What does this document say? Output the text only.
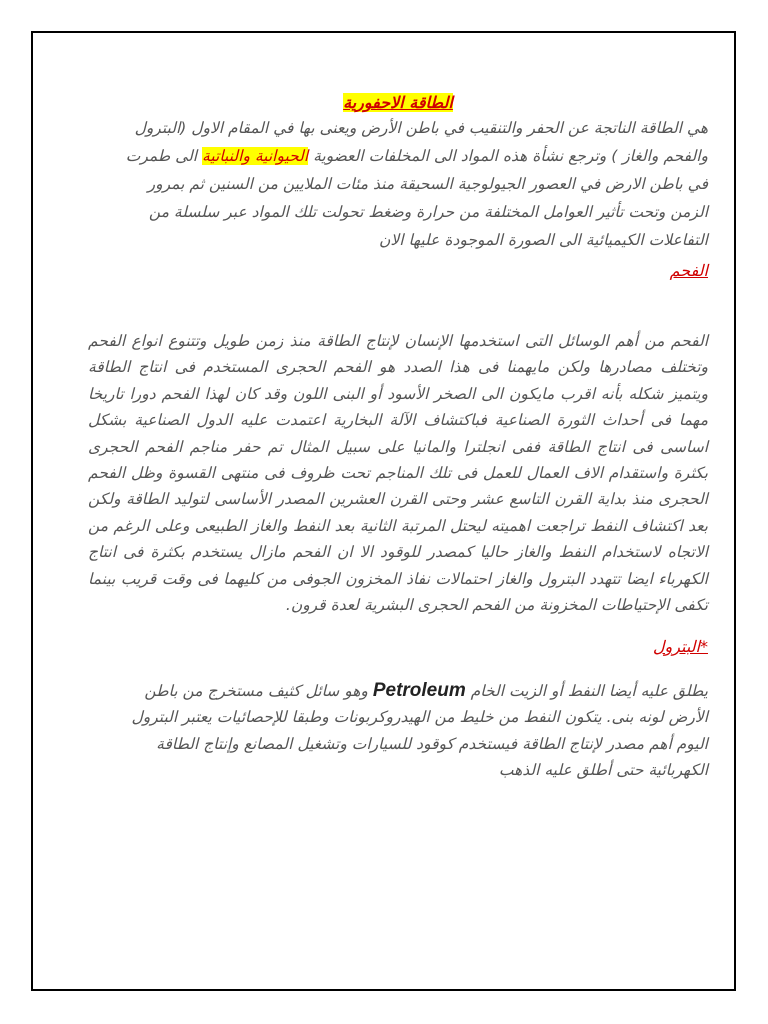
الطاقة الاحفورية

هي الطاقة الناتجة عن الحفر والتنقيب في باطن الأرض ويعنى بها في المقام الاول (البترول والفحم والغاز ) وترجع نشأة هذه المواد الى المخلفات العضوية الحيوانية والنباتية الى طمرت في باطن الارض في العصور الجيولوجية السحيقة منذ مئات الملايين من السنين ثم بمرور الزمن وتحت تأثير العوامل المختلفة من حرارة وضغط تحولت تلك المواد عبر سلسلة من التفاعلات الكيميائية الى الصورة الموجودة عليها الان

الفحم

الفحم من أهم الوسائل التى استخدمها الإنسان لإنتاج الطاقة منذ زمن طويل وتتنوع انواع الفحم وتختلف مصادرها ولكن مايهمنا فى هذا الصدد هو الفحم الحجرى المستخدم فى انتاج الطاقة ويتميز شكله بأنه اقرب مايكون الى الصخر الأسود أو البنى اللون وقد كان لهذا الفحم دورا تاريخا مهما فى أحداث الثورة الصناعية فباكتشاف الآلة البخارية اعتمدت عليه الدول الصناعية بشكل اساسى فى انتاج الطاقة ففى انجلترا والمانيا على سبيل المثال تم حفر مناجم الفحم الحجرى بكثرة واستقدام الاف العمال للعمل فى تلك المناجم تحت ظروف فى منتهى القسوة وظل الفحم الحجرى منذ بداية القرن التاسع عشر وحتى القرن العشرين المصدر الأساسى لتوليد الطاقة ولكن بعد اكتشاف النفط تراجعت اهميته ليحتل المرتبة الثانية بعد النفط والغاز الطبيعى وعلى الرغم من الاتجاه لاستخدام النفط والغاز حاليا كمصدر للوقود الا ان الفحم مازال يستخدم بكثرة فى انتاج الكهرباء ايضا تتهدد البترول والغاز احتمالات نفاذ المخزون الجوفى من كليهما فى وقت قريب بينما تكفى الإحتياطات المخزونة من الفحم الحجرى البشرية لعدة قرون.

*البترول

يطلق عليه أيضا النفط أو الزيت الخام Petroleum وهو سائل كثيف مستخرج من باطن الأرض لونه بنى. يتكون النفط من خليط من الهيدروكربونات وطبقا للإحصائيات يعتبر البترول اليوم أهم مصدر لإنتاج الطاقة فيستخدم كوقود للسيارات وتشغيل المصانع وإنتاج الطاقة الكهربائية حتى أطلق عليه الذهب
